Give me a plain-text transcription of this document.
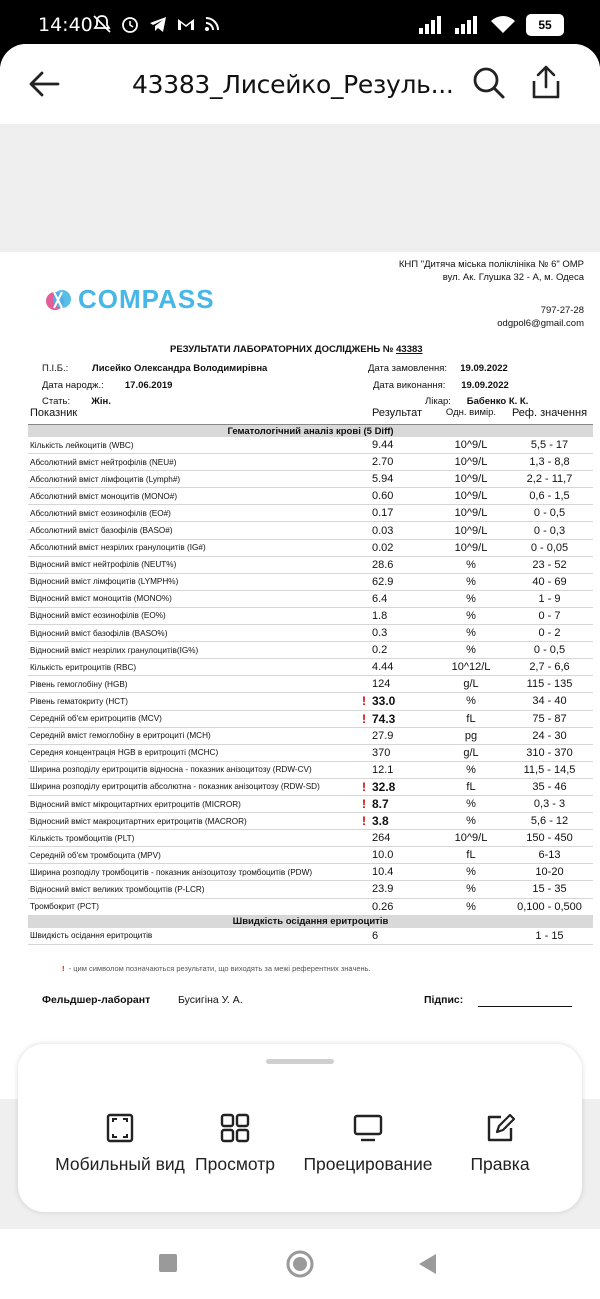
14:40	55
43383_Лисейко_Резуль...
КНП "Дитяча міська поліклініка № 6" ОМР
вул. Ак. Глушка 32 - А, м. Одеса
797-27-28
odgpol6@gmail.com
COMPASS
РЕЗУЛЬТАТИ ЛАБОРАТОРНИХ ДОСЛІДЖЕНЬ № 43383
П.І.Б.:	Лисейко Олександра Володимирівна
Дата народж.: 17.06.2019
Стать: Жін.
Дата замовлення: 19.09.2022
Дата виконання: 19.09.2022
Лікар: Бабенко К. К.
Показник		Результат	Одн. вимір.	Реф. значення
Гематологічний аналіз крові (5 Diff)				
Кількість лейкоцитів (WBC)		9.44	10^9/L	5,5 - 17
Абсолютний вміст нейтрофілів (NEU#)		2.70	10^9/L	1,3 - 8,8
Абсолютний вміст лімфоцитів (Lymph#)		5.94	10^9/L	2,2 - 11,7
Абсолютний вміст моноцитів (MONO#)		0.60	10^9/L	0,6 - 1,5
Абсолютний вміст еозинофілів (EO#)		0.17	10^9/L	0 - 0,5
Абсолютний вміст базофілів (BASO#)		0.03	10^9/L	0 - 0,3
Абсолютний вміст незрілих гранулоцитів (IG#)		0.02	10^9/L	0 - 0,05
Відносний вміст нейтрофілів (NEUT%)		28.6	%	23 - 52
Відносний вміст лімфоцитів (LYMPH%)		62.9	%	40 - 69
Відносний вміст моноцитів (MONO%)		6.4	%	1 - 9
Відносний вміст еозинофілів (EO%)		1.8	%	0 - 7
Відносний вміст базофілів (BASO%)		0.3	%	0 - 2
Відносний вміст незрілих гранулоцитів(IG%)		0.2	%	0 - 0,5
Кількість еритроцитів (RBC)		4.44	10^12/L	2,7 - 6,6
Рівень гемоглобіну (HGB)		124	g/L	115 - 135
Рівень гематокриту (HCT)	!	33.0	%	34 - 40
Середній об'єм еритроцитів (MCV)	!	74.3	fL	75 - 87
Середній вміст гемоглобіну в еритроциті (MCH)		27.9	pg	24 - 30
Середня концентрація HGB в еритроциті (MCHC)		370	g/L	310 - 370
Ширина розподілу еритроцитів відносна - показник анізоцитозу (RDW-CV)		12.1	%	11,5 - 14,5
Ширина розподілу еритроцитів абсолютна - показник анізоцитозу (RDW-SD)	!	32.8	fL	35 - 46
Відносний вміст мікроцитартних еритроцитів (MICROR)	!	8.7	%	0,3 - 3
Відносний вміст макроцитартних еритроцитів (MACROR)	!	3.8	%	5,6 - 12
Кількість тромбоцитів (PLT)		264	10^9/L	150 - 450
Середній об'єм тромбоцита (MPV)		10.0	fL	6-13
Ширина розподілу тромбоцитів - показник анізоцитозу тромбоцитів (PDW)		10.4	%	10-20
Відносний вміст великих тромбоцитів (P-LCR)		23.9	%	15 - 35
Тромбокрит (PCT)		0.26	%	0,100 - 0,500
Швидкість осідання еритроцитів				
Швидкість осідання еритроцитів		6		1 - 15
! - цим символом позначаються результати, що виходять за межі референтних значень.
Фельдшер-лаборант	Бусигіна У. А.	Підпис:
Мобильный вид Просмотр	Проецирование	Правка
